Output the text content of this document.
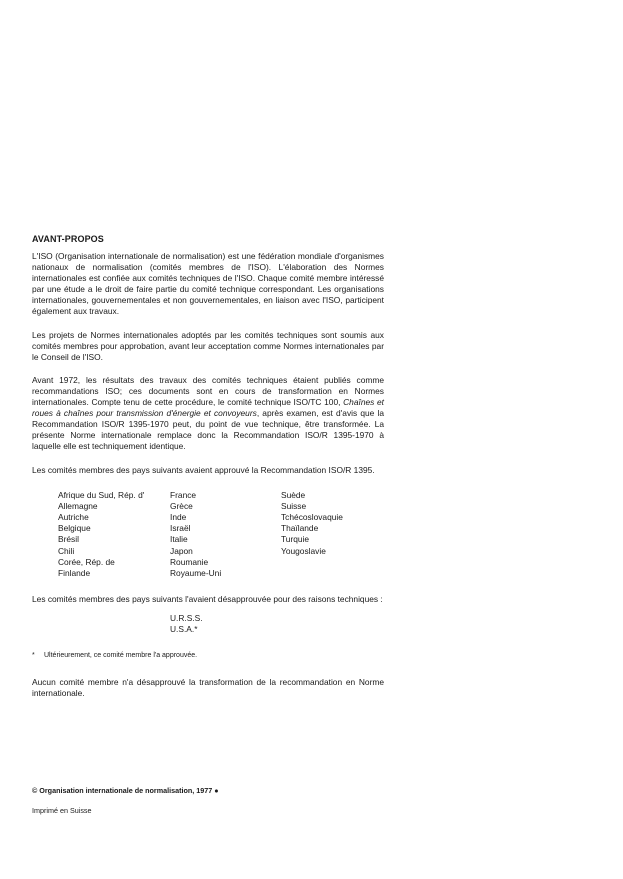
AVANT-PROPOS

L'ISO (Organisation internationale de normalisation) est une fédération mondiale d'organismes nationaux de normalisation (comités membres de l'ISO). L'élaboration des Normes internationales est confiée aux comités techniques de l'ISO. Chaque comité membre intéressé par une étude a le droit de faire partie du comité technique correspondant. Les organisations internationales, gouvernementales et non gouvernementales, en liaison avec l'ISO, participent également aux travaux.

Les projets de Normes internationales adoptés par les comités techniques sont soumis aux comités membres pour approbation, avant leur acceptation comme Normes internationales par le Conseil de l'ISO.

Avant 1972, les résultats des travaux des comités techniques étaient publiés comme recommandations ISO; ces documents sont en cours de transformation en Normes internationales. Compte tenu de cette procédure, le comité technique ISO/TC 100, Chaînes et roues à chaînes pour transmission d'énergie et convoyeurs, après examen, est d'avis que la Recommandation ISO/R 1395-1970 peut, du point de vue technique, être transformée. La présente Norme internationale remplace donc la Recommandation ISO/R 1395-1970 à laquelle elle est techniquement identique.

Les comités membres des pays suivants avaient approuvé la Recommandation ISO/R 1395.

Afrique du Sud, Rép. d'
Allemagne
Autriche
Belgique
Brésil
Chili
Corée, Rép. de
Finlande
France
Grèce
Inde
Israël
Italie
Japon
Roumanie
Royaume-Uni
Suède
Suisse
Tchécoslovaquie
Thaïlande
Turquie
Yougoslavie

Les comités membres des pays suivants l'avaient désapprouvée pour des raisons techniques :

U.R.S.S.
U.S.A.*
* Ultérieurement, ce comité membre l'a approuvée.

Aucun comité membre n'a désapprouvé la transformation de la recommandation en Norme internationale.

© Organisation internationale de normalisation, 1977 ●
Imprimé en Suisse
